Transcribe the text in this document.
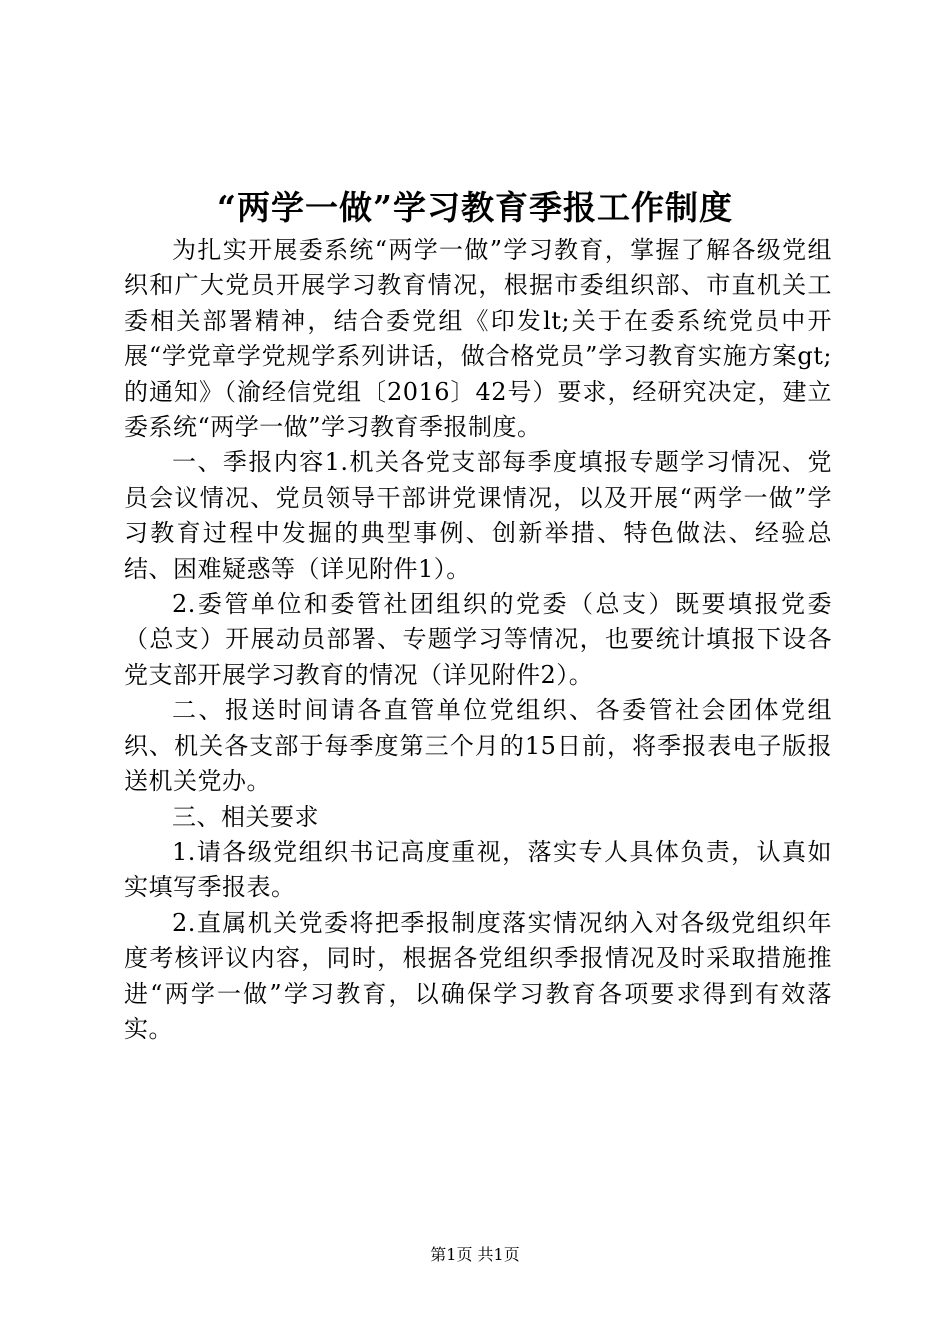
“两学一做”学习教育季报工作制度

为扎实开展委系统“两学一做”学习教育，掌握了解各级党组织和广大党员开展学习教育情况，根据市委组织部、市直机关工委相关部署精神，结合委党组《印发lt;关于在委系统党员中开展“学党章学党规学系列讲话，做合格党员”学习教育实施方案gt;的通知》（渝经信党组〔2016〕42号）要求，经研究决定，建立委系统“两学一做”学习教育季报制度。

一、季报内容1.机关各党支部每季度填报专题学习情况、党员会议情况、党员领导干部讲党课情况，以及开展“两学一做”学习教育过程中发掘的典型事例、创新举措、特色做法、经验总结、困难疑惑等（详见附件1）。

2.委管单位和委管社团组织的党委（总支）既要填报党委（总支）开展动员部署、专题学习等情况，也要统计填报下设各党支部开展学习教育的情况（详见附件2）。

二、报送时间请各直管单位党组织、各委管社会团体党组织、机关各支部于每季度第三个月的15日前，将季报表电子版报送机关党办。

三、相关要求

1.请各级党组织书记高度重视，落实专人具体负责，认真如实填写季报表。

2.直属机关党委将把季报制度落实情况纳入对各级党组织年度考核评议内容，同时，根据各党组织季报情况及时采取措施推进“两学一做”学习教育，以确保学习教育各项要求得到有效落实。

第1页 共1页
